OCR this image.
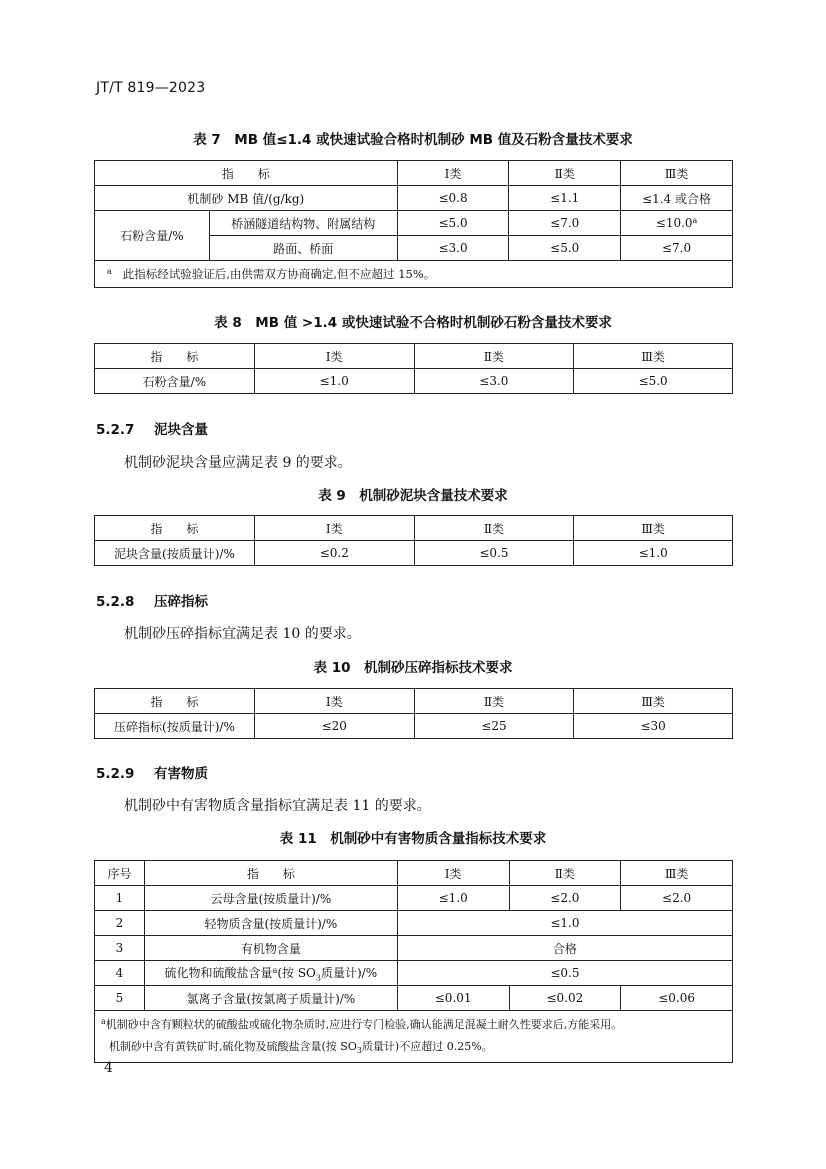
JT/T 819—2023
表 7　MB 值≤1.4 或快速试验合格时机制砂 MB 值及石粉含量技术要求
指　　标		Ⅰ类	Ⅱ类	Ⅲ类
机制砂 MB 值/(g/kg)		≤0.8	≤1.1	≤1.4 或合格
石粉含量/%	桥涵隧道结构物、附属结构	≤5.0	≤7.0	≤10.0$^a$
	路面、桥面	≤3.0	≤5.0	≤7.0
$^a$ 此指标经试验验证后,由供需双方协商确定,但不应超过 15%。				
表 8　MB 值 >1.4 或快速试验不合格时机制砂石粉含量技术要求
指　　标	Ⅰ类	Ⅱ类	Ⅲ类
石粉含量/%	≤1.0	≤3.0	≤5.0
5.2.7 泥块含量
机制砂泥块含量应满足表 9 的要求。
表 9　机制砂泥块含量技术要求
指　　标	Ⅰ类	Ⅱ类	Ⅲ类
泥块含量(按质量计)/%	≤0.2	≤0.5	≤1.0
5.2.8 压碎指标
机制砂压碎指标宜满足表 10 的要求。
表 10　机制砂压碎指标技术要求
指　　标	Ⅰ类	Ⅱ类	Ⅲ类
压碎指标(按质量计)/%	≤20	≤25	≤30
5.2.9 有害物质
机制砂中有害物质含量指标宜满足表 11 的要求。
表 11　机制砂中有害物质含量指标技术要求
序号	指　　标	Ⅰ类	Ⅱ类	Ⅲ类
1	云母含量(按质量计)/%	≤1.0	≤2.0	≤2.0
2	轻物质含量(按质量计)/%	≤1.0		
3	有机物含量	合格		
4	硫化物和硫酸盐含量$^a$(按 $SO_3$质量计)/%	≤0.5		
5	氯离子含量(按氯离子质量计)/%	≤0.01	≤0.02	≤0.06

$^a$机制砂中含有颗粒状的硫酸盐或硫化物杂质时,应进行专门检验,确认能满足混凝土耐久性要求后,方能采用。
机制砂中含有黄铁矿时,硫化物及硫酸盐含量(按 $SO_3$质量计)不应超过 0.25%。				
4
